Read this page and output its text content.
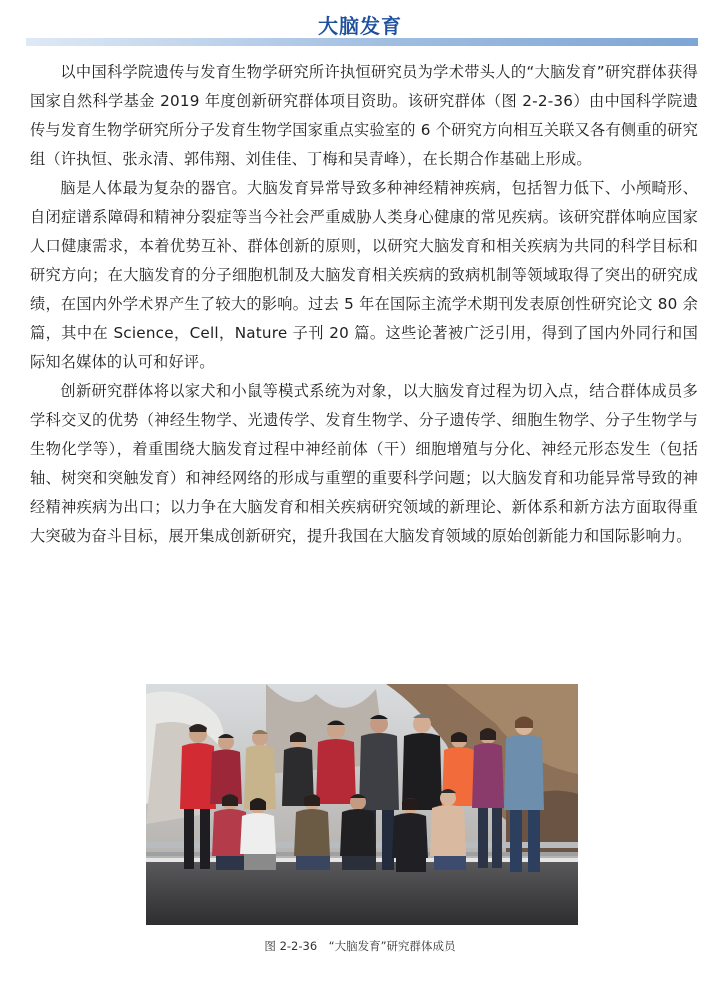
大脑发育

以中国科学院遗传与发育生物学研究所许执恒研究员为学术带头人的“大脑发育”研究群体获得国家自然科学基金 2019 年度创新研究群体项目资助。该研究群体（图 2-2-36）由中国科学院遗传与发育生物学研究所分子发育生物学国家重点实验室的 6 个研究方向相互关联又各有侧重的研究组（许执恒、张永清、郭伟翔、刘佳佳、丁梅和吴青峰），在长期合作基础上形成。

脑是人体最为复杂的器官。大脑发育异常导致多种神经精神疾病，包括智力低下、小颅畸形、自闭症谱系障碍和精神分裂症等当今社会严重威胁人类身心健康的常见疾病。该研究群体响应国家人口健康需求，本着优势互补、群体创新的原则，以研究大脑发育和相关疾病为共同的科学目标和研究方向；在大脑发育的分子细胞机制及大脑发育相关疾病的致病机制等领域取得了突出的研究成绩，在国内外学术界产生了较大的影响。过去 5 年在国际主流学术期刊发表原创性研究论文 80 余篇，其中在 Science，Cell，Nature 子刊 20 篇。这些论著被广泛引用，得到了国内外同行和国际知名媒体的认可和好评。

创新研究群体将以家犬和小鼠等模式系统为对象，以大脑发育过程为切入点，结合群体成员多学科交叉的优势（神经生物学、光遗传学、发育生物学、分子遗传学、细胞生物学、分子生物学与生物化学等），着重围绕大脑发育过程中神经前体（干）细胞增殖与分化、神经元形态发生（包括轴、树突和突触发育）和神经网络的形成与重塑的重要科学问题；以大脑发育和功能异常导致的神经精神疾病为出口；以力争在大脑发育和相关疾病研究领域的新理论、新体系和新方法方面取得重大突破为奋斗目标，展开集成创新研究，提升我国在大脑发育领域的原始创新能力和国际影响力。

图 2-2-36　“大脑发育”研究群体成员
